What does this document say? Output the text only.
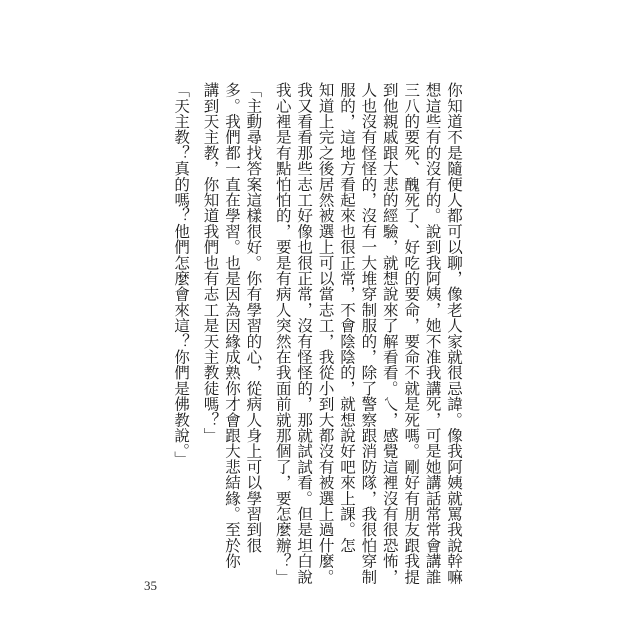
你知道不是隨便人都可以聊，像老人家就很忌諱。像我阿姨就罵我說幹嘛
想這些有的沒有的。說到我阿姨，她不准我講死，可是她講話常常會講誰
三八的要死、醜死了、好吃的要命，要命不就是死嗎。剛好有朋友跟我提
到他親戚跟大悲的經驗，就想說來了解看看。乀，感覺這裡沒有很恐怖，
人也沒有怪怪的，沒有一大堆穿制服的，除了警察跟消防隊，我很怕穿制
服的，這地方看起來也很正常，不會陰陰的，就想說好吧來上課。怎
知道上完之後居然被選上可以當志工，我從小到大都沒有被選上過什麼。
我又看看那些志工好像也很正常，沒有怪怪的，那就試試看。但是坦白說
我心裡是有點怕怕的，要是有病人突然在我面前就那個了，要怎麼辦？」
「主動尋找答案這樣很好。你有學習的心，從病人身上可以學習到很
多。我們都一直在學習。也是因為因緣成熟你才會跟大悲結緣。至於你
講到天主教，你知道我們也有志工是天主教徒嗎？」
「天主教？真的嗎？他們怎麼會來這？你們是佛教說。」
35
